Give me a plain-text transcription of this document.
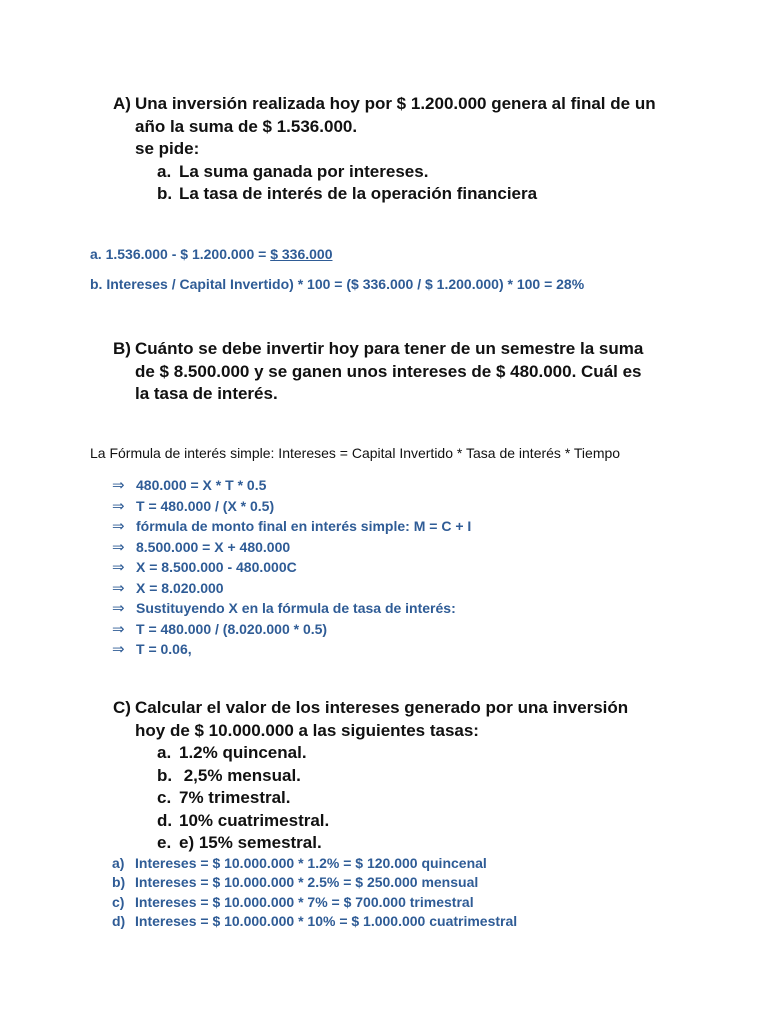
A) Una inversión realizada hoy por $ 1.200.000 genera al final de un
año la suma de $ 1.536.000.
se pide:
a. La suma ganada por intereses.
b. La tasa de interés de la operación financiera
a. 1.536.000 - $ 1.200.000 = $ 336.000
b. Intereses / Capital Invertido) * 100 = ($ 336.000 / $ 1.200.000) * 100 = 28%
B) Cuánto se debe invertir hoy para tener de un semestre la suma
de $ 8.500.000 y se ganen unos intereses de $ 480.000. Cuál es
la tasa de interés.
La Fórmula de interés simple: Intereses = Capital Invertido * Tasa de interés * Tiempo
⇒ 480.000 = X * T * 0.5
⇒ T = 480.000 / (X * 0.5)
⇒ fórmula de monto final en interés simple: M = C + I
⇒ 8.500.000 = X + 480.000
⇒ X = 8.500.000 - 480.000C
⇒ X = 8.020.000
⇒ Sustituyendo X en la fórmula de tasa de interés:
⇒ T = 480.000 / (8.020.000 * 0.5)
⇒ T = 0.06,
C) Calcular el valor de los intereses generado por una inversión
hoy de $ 10.000.000 a las siguientes tasas:
a. 1.2% quincenal.
b. 2,5% mensual.
c. 7% trimestral.
d. 10% cuatrimestral.
e. e) 15% semestral.
a) Intereses = $ 10.000.000 * 1.2% = $ 120.000 quincenal
b) Intereses = $ 10.000.000 * 2.5% = $ 250.000 mensual
c) Intereses = $ 10.000.000 * 7% = $ 700.000 trimestral
d) Intereses = $ 10.000.000 * 10% = $ 1.000.000 cuatrimestral
